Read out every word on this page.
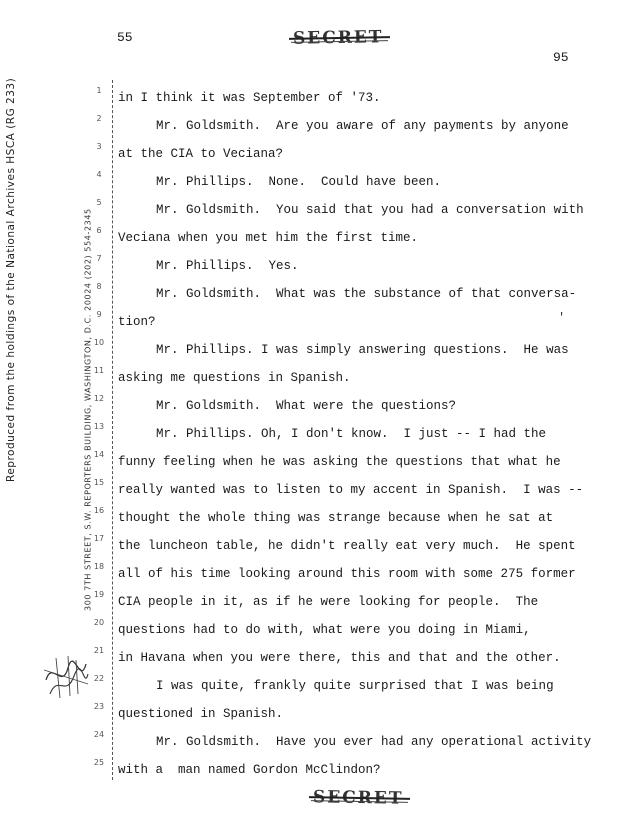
55
95
Reproduced from the holdings of the National Archives HSCA (RG 233)	300 7TH STREET, S.W. REPORTERS BUILDING, WASHINGTON, D.C. 20024 (202) 554-2345
1
2
3
4
5
6
7
8
9
10
11
12
13
14
15
16
17
18
19
20
21
22
23
24
25
in I think it was September of '73.
Mr. Goldsmith.  Are you aware of any payments by anyone
at the CIA to Veciana?
Mr. Phillips.  None.  Could have been.
Mr. Goldsmith.  You said that you had a conversation with
Veciana when you met him the first time.
Mr. Phillips.  Yes.
Mr. Goldsmith.  What was the substance of that conversa-
tion?
Mr. Phillips. I was simply answering questions.  He was
asking me questions in Spanish.
Mr. Goldsmith.  What were the questions?
Mr. Phillips. Oh, I don't know.  I just -- I had the
funny feeling when he was asking the questions that what he
really wanted was to listen to my accent in Spanish.  I was --
thought the whole thing was strange because when he sat at
the luncheon table, he didn't really eat very much.  He spent
all of his time looking around this room with some 275 former
CIA people in it, as if he were looking for people.  The
questions had to do with, what were you doing in Miami,
in Havana when you were there, this and that and the other.
I was quite, frankly quite surprised that I was being
questioned in Spanish.
Mr. Goldsmith.  Have you ever had any operational activity
with a  man named Gordon McClindon?
′
